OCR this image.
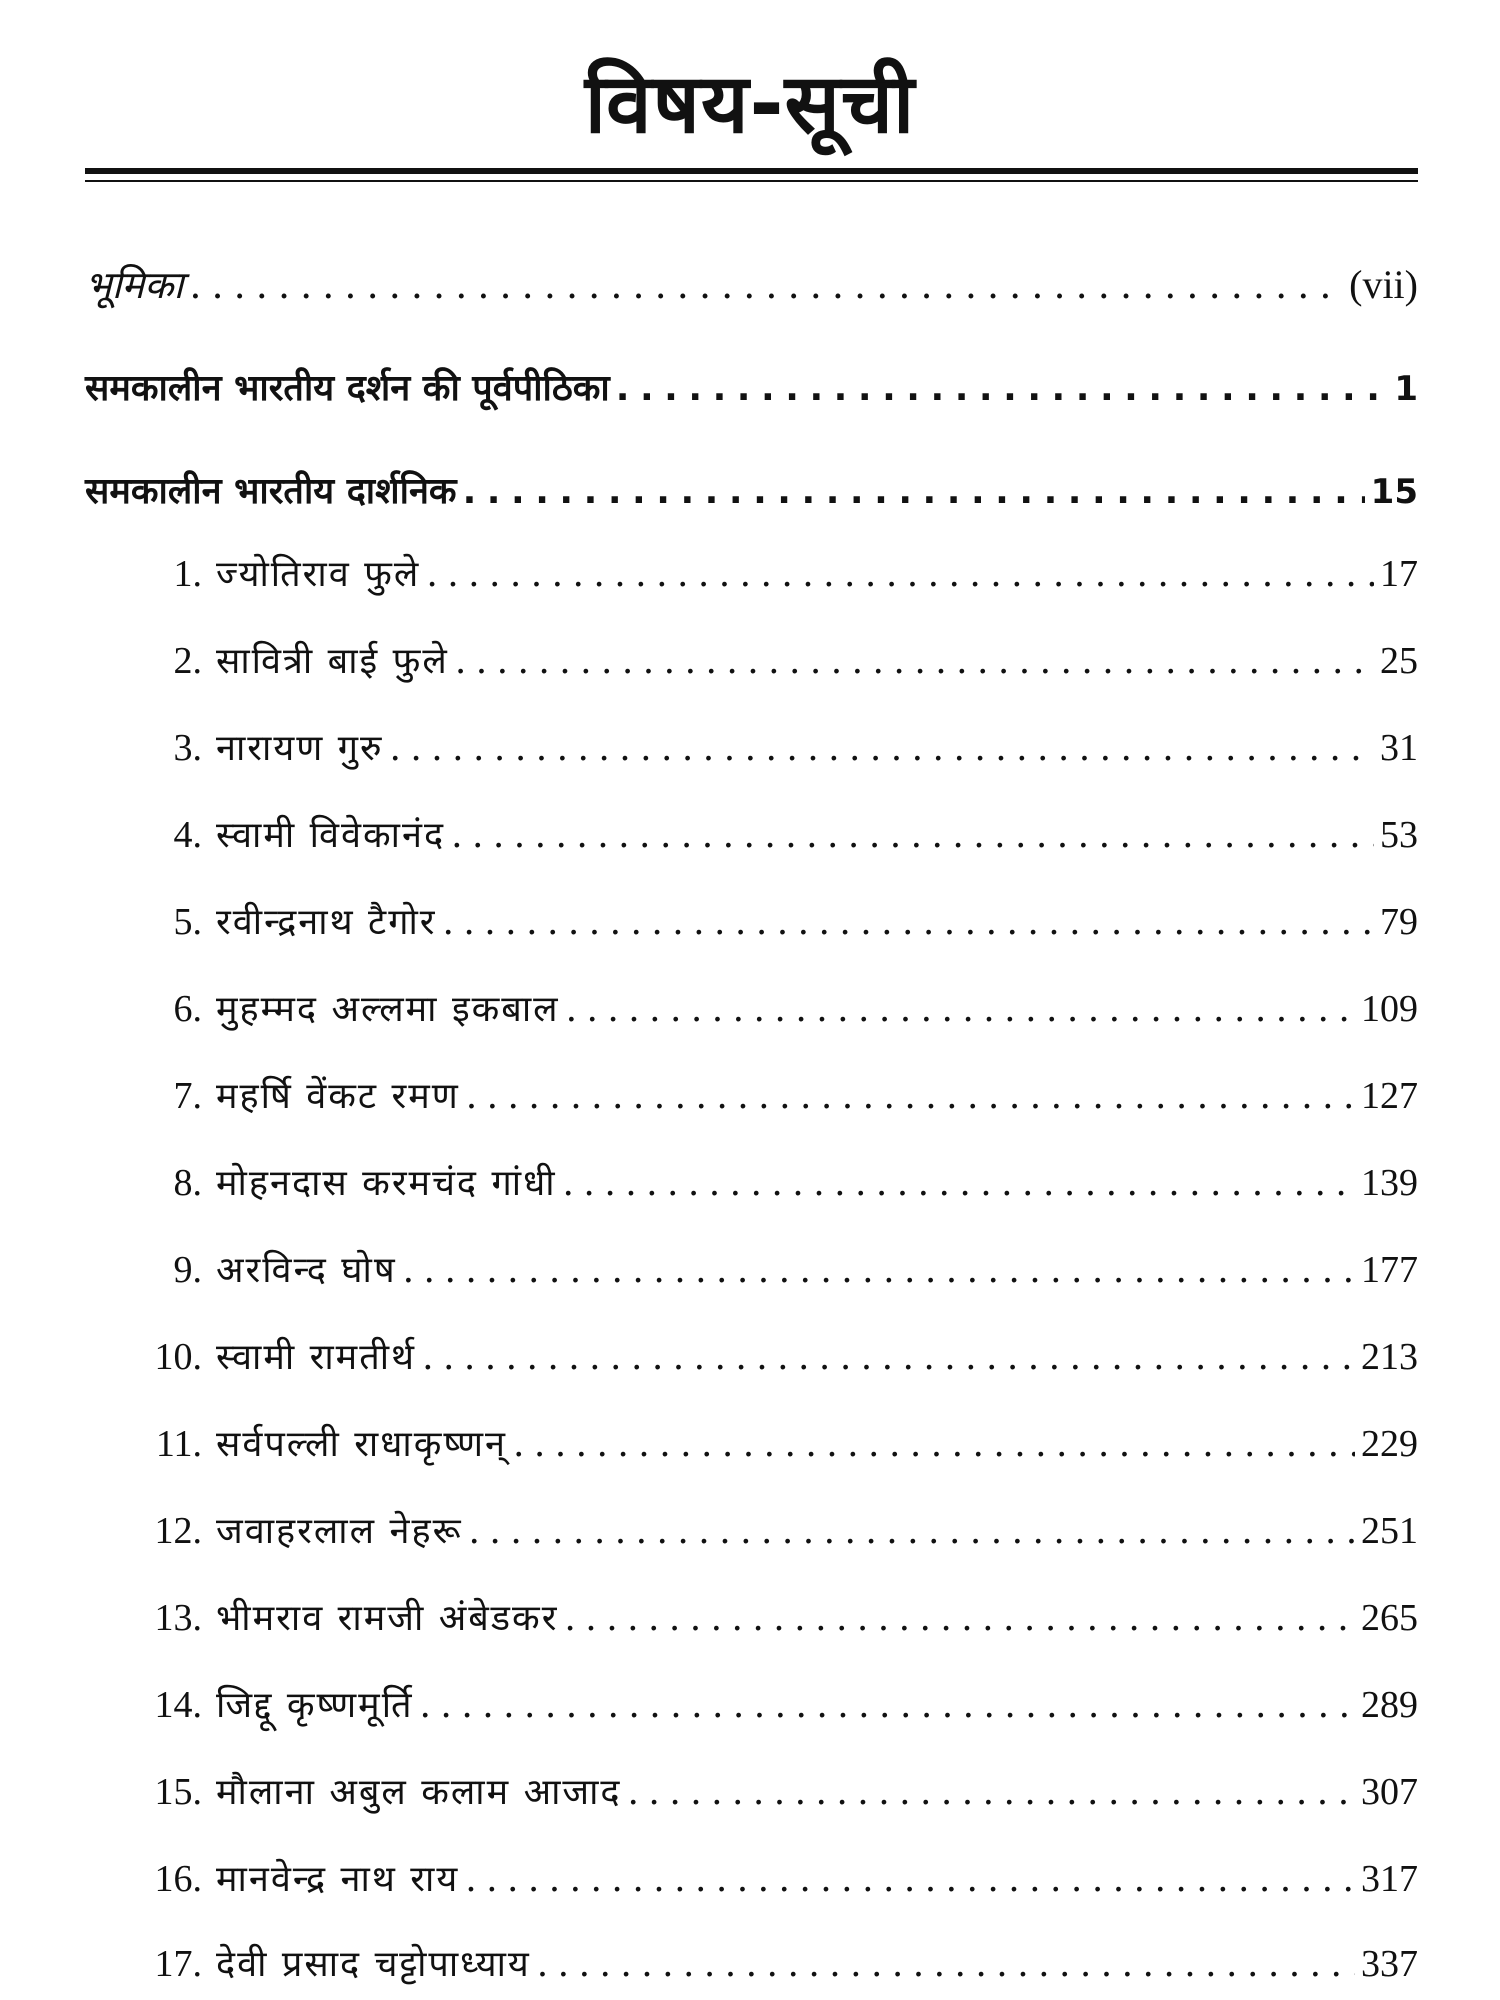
विषय-सूची
भूमिका . . .	(vii)
समकालीन भारतीय दर्शन की पूर्वपीठिका . . .	1
समकालीन भारतीय दार्शनिक . . .	15
1. ज्योतिराव फुले . . .	17
2. सावित्री बाई फुले . . .	25
3. नारायण गुरु . . .	31
4. स्वामी विवेकानंद . . .	53
5. रवीन्द्रनाथ टैगोर . . .	79
6. मुहम्मद अल्लमा इकबाल . . .	109
7. महर्षि वेंकट रमण . . .	127
8. मोहनदास करमचंद गांधी . . .	139
9. अरविन्द घोष . . .	177
10. स्वामी रामतीर्थ . . .	213
11. सर्वपल्ली राधाकृष्णन् . . .	229
12. जवाहरलाल नेहरू . . .	251
13. भीमराव रामजी अंबेडकर . . .	265
14. जिद्दू कृष्णमूर्ति . . .	289
15. मौलाना अबुल कलाम आजाद . . .	307
16. मानवेन्द्र नाथ राय . . .	317
17. देवी प्रसाद चट्टोपाध्याय . . .	337
